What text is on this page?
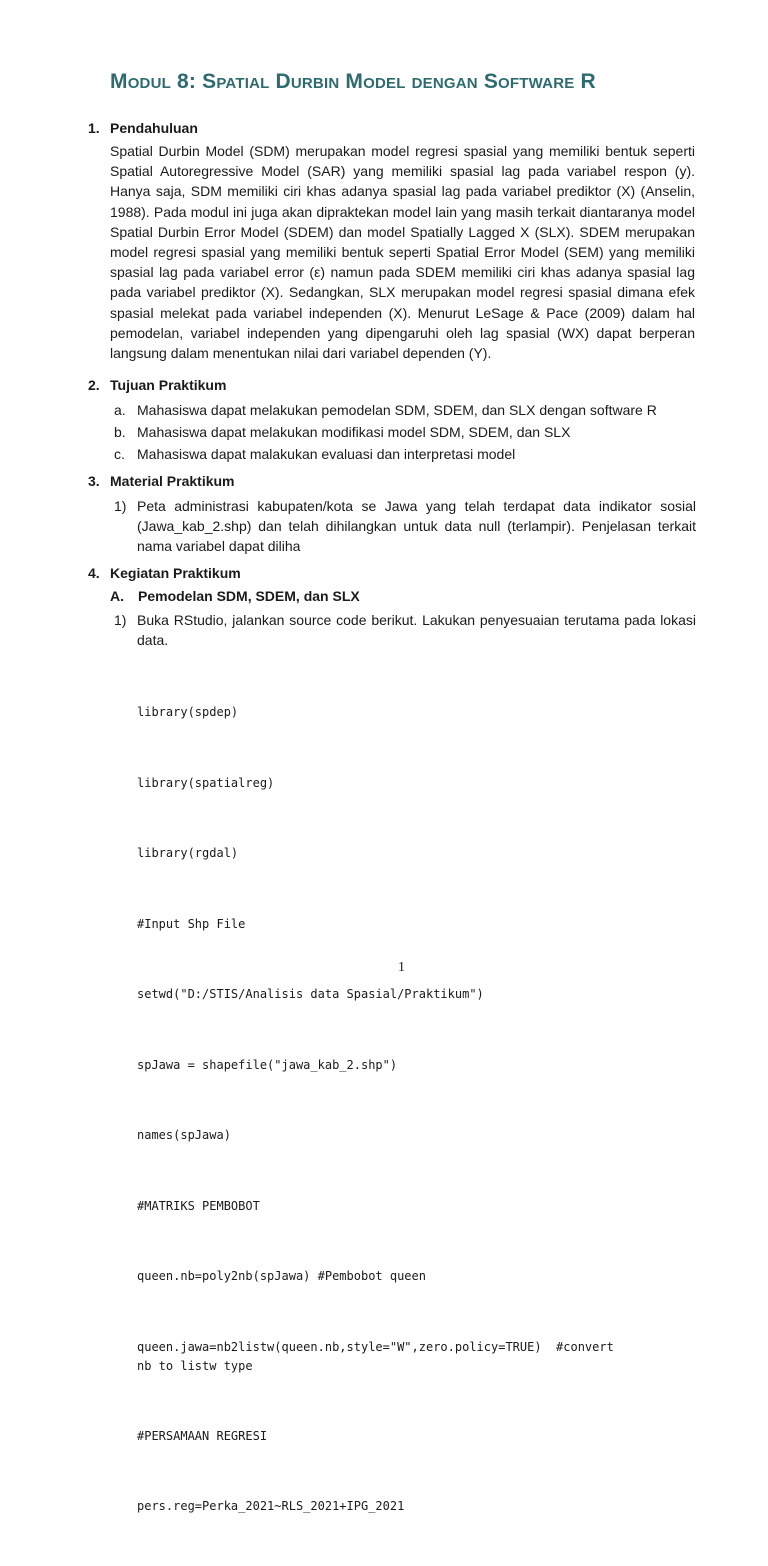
Modul 8: Spatial Durbin Model dengan Software R
1. Pendahuluan

Spatial Durbin Model (SDM) merupakan model regresi spasial yang memiliki bentuk seperti Spatial Autoregressive Model (SAR) yang memiliki spasial lag pada variabel respon (y). Hanya saja, SDM memiliki ciri khas adanya spasial lag pada variabel prediktor (X) (Anselin, 1988). Pada modul ini juga akan dipraktekan model lain yang masih terkait diantaranya model Spatial Durbin Error Model (SDEM) dan model Spatially Lagged X (SLX). SDEM merupakan model regresi spasial yang memiliki bentuk seperti Spatial Error Model (SEM) yang memiliki spasial lag pada variabel error (ε) namun pada SDEM memiliki ciri khas adanya spasial lag pada variabel prediktor (X). Sedangkan, SLX merupakan model regresi spasial dimana efek spasial melekat pada variabel independen (X). Menurut LeSage & Pace (2009) dalam hal pemodelan, variabel independen yang dipengaruhi oleh lag spasial (WX) dapat berperan langsung dalam menentukan nilai dari variabel dependen (Y).

2. Tujuan Praktikum
a. Mahasiswa dapat melakukan pemodelan SDM, SDEM, dan SLX dengan software R
b. Mahasiswa dapat melakukan modifikasi model SDM, SDEM, dan SLX
c. Mahasiswa dapat malakukan evaluasi dan interpretasi model
3. Material Praktikum
1) Peta administrasi kabupaten/kota se Jawa yang telah terdapat data indikator sosial (Jawa_kab_2.shp) dan telah dihilangkan untuk data null (terlampir). Penjelasan terkait nama variabel dapat diliha
4. Kegiatan Praktikum
A. Pemodelan SDM, SDEM, dan SLX
1) Buka RStudio, jalankan source code berikut. Lakukan penyesuaian terutama pada lokasi data.

library(spdep)

library(spatialreg)

library(rgdal)

#Input Shp File

setwd("D:/STIS/Analisis data Spasial/Praktikum")

spJawa = shapefile("jawa_kab_2.shp")

names(spJawa)

#MATRIKS PEMBOBOT

queen.nb=poly2nb(spJawa) #Pembobot queen

queen.jawa=nb2listw(queen.nb,style="W",zero.policy=TRUE)  #convert
nb to listw type

#PERSAMAAN REGRESI

pers.reg=Perka_2021~RLS_2021+IPG_2021

1
